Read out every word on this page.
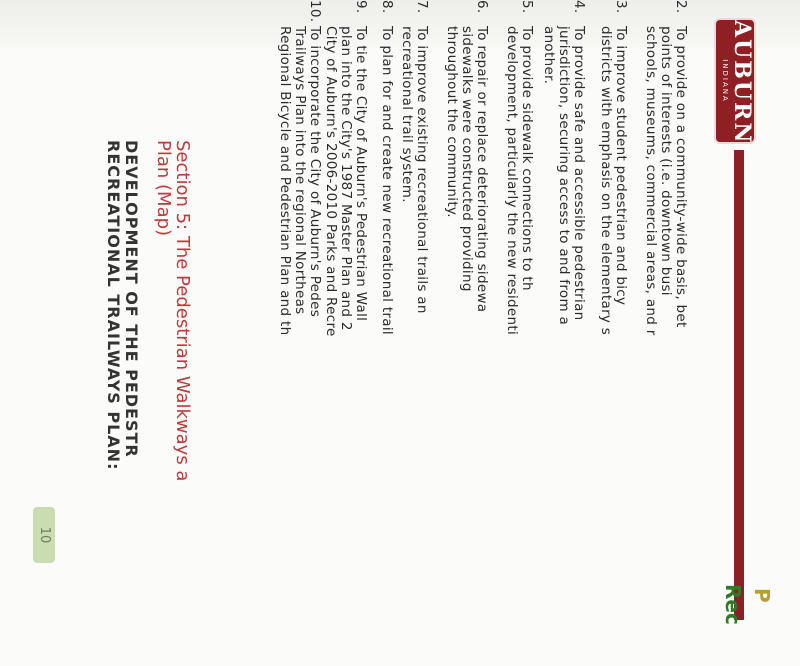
AUBURN
INDIANA
P
Rec
2.
To provide on a community-wide basis, bet
points of interests (i.e. downtown busi
schools, museums, commercial areas, and r
3.
To improve student pedestrian and bicy
districts with emphasis on the elementary s
4.
To provide safe and accessible pedestrian
jurisdiction, securing access to and from a
another.
5.
To provide sidewalk connections to th
development, particularly the new residenti
6.
To repair or replace deteriorating sidewa
sidewalks were constructed providing
throughout the community.
7.
To improve existing recreational trails an
recreational trail system.
8.
To plan for and create new recreational trail
9.
To tie the City of Auburn's Pedestrian Wall
plan into the City's 1987 Master Plan and 2
City of Auburn's 2006-2010 Parks and Recre
10.
To incorporate the City of Auburn's Pedes
Trailways Plan into the regional Northeas
Regional Bicycle and Pedestrian Plan and th
Section 5: The Pedestrian Walkways a
Plan (Map)
DEVELOPMENT OF THE PEDESTR
RECREATIONAL TRAILWAYS PLAN:
10
